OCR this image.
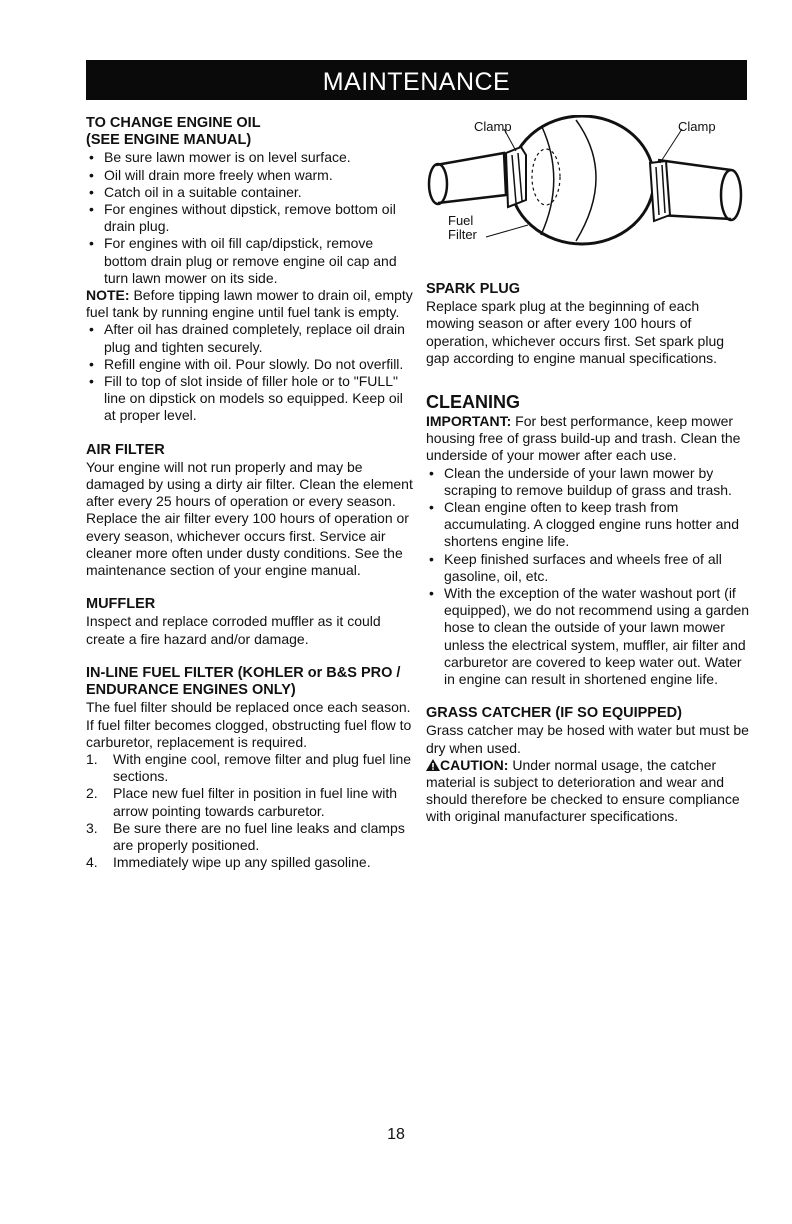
MAINTENANCE
TO CHANGE ENGINE OIL
(SEE ENGINE MANUAL)
• Be sure lawn mower is on level surface.
• Oil will drain more freely when warm.
• Catch oil in a suitable container.
• For engines without dipstick, remove bottom oil drain plug.
• For engines with oil fill cap/dipstick, remove bottom drain plug or remove engine oil cap and turn lawn mower on its side.

NOTE: Before tipping lawn mower to drain oil, empty fuel tank by running engine until fuel tank is empty.

• After oil has drained completely, replace oil drain plug and tighten securely.
• Refill engine with oil. Pour slowly. Do not overfill.
• Fill to top of slot inside of filler hole or to "FULL" line on dipstick on models so equipped. Keep oil at proper level.
AIR FILTER

Your engine will not run properly and may be damaged by using a dirty air filter. Clean the element after every 25 hours of operation or every season. Replace the air filter every 100 hours of operation or every season, whichever occurs first. Service air cleaner more often under dusty conditions. See the maintenance section of your engine manual.

MUFFLER

Inspect and replace corroded muffler as it could create a fire hazard and/or damage.

IN-LINE FUEL FILTER (KOHLER or B&S PRO / ENDURANCE ENGINES ONLY)

The fuel filter should be replaced once each season. If fuel filter becomes clogged, obstructing fuel flow to carburetor, replacement is required.

1. With engine cool, remove filter and plug fuel line sections.
2. Place new fuel filter in position in fuel line with arrow pointing towards carburetor.
3. Be sure there are no fuel line leaks and clamps are properly positioned.
4. Immediately wipe up any spilled gasoline.
Clamp	Clamp
Fuel
Filter
SPARK PLUG

Replace spark plug at the beginning of each mowing season or after every 100 hours of operation, whichever occurs first. Set spark plug gap according to engine manual specifications.

CLEANING

IMPORTANT: For best performance, keep mower housing free of grass build-up and trash. Clean the underside of your mower after each use.

• Clean the underside of your lawn mower by scraping to remove buildup of grass and trash.
• Clean engine often to keep trash from accumulating. A clogged engine runs hotter and shortens engine life.
• Keep finished surfaces and wheels free of all gasoline, oil, etc.
• With the exception of the water washout port (if equipped), we do not recommend using a garden hose to clean the outside of your lawn mower unless the electrical system, muffler, air filter and carburetor are covered to keep water out. Water in engine can result in shortened engine life.
GRASS CATCHER (IF SO EQUIPPED)

Grass catcher may be hosed with water but must be dry when used.

CAUTION: Under normal usage, the catcher material is subject to deterioration and wear and should therefore be checked to ensure compliance with original manufacturer specifications.

18
